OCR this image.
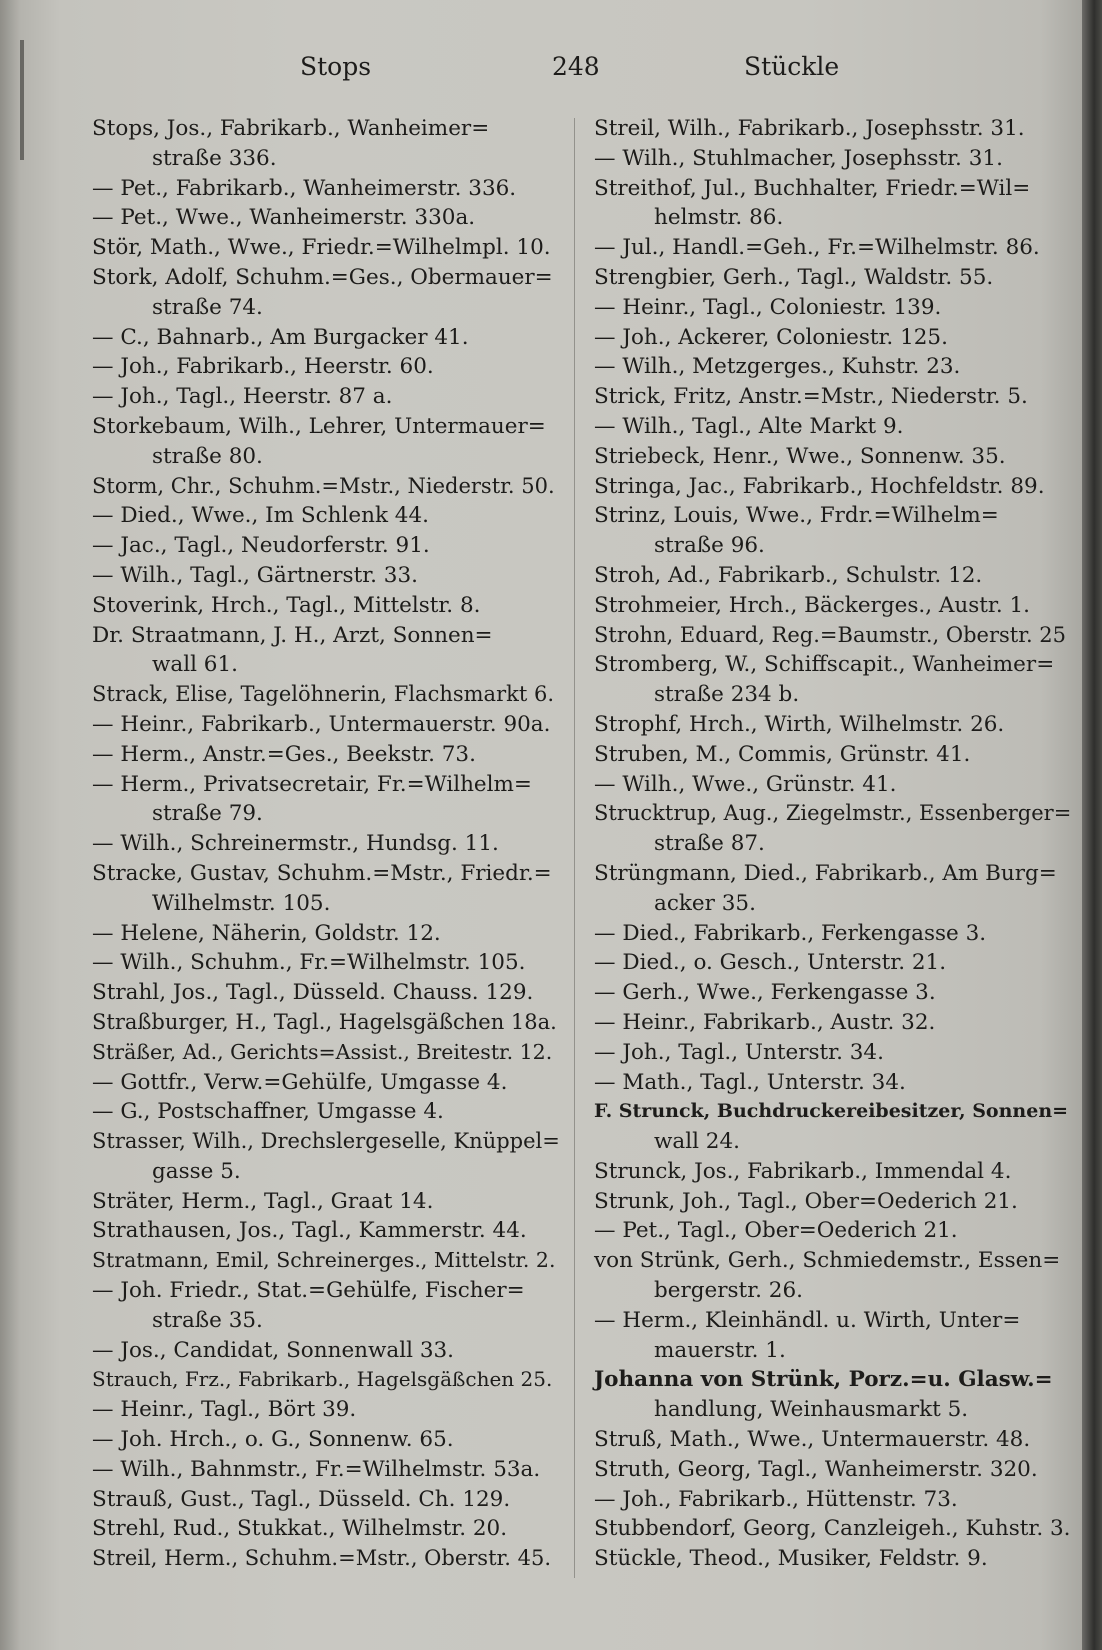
Stops	248	Stückle
Stops, Jos., Fabrikarb., Wanheimer=
straße 336.
— Pet., Fabrikarb., Wanheimerstr. 336.
— Pet., Wwe., Wanheimerstr. 330a.
Stör, Math., Wwe., Friedr.=Wilhelmpl. 10.
Stork, Adolf, Schuhm.=Ges., Obermauer=
straße 74.
— C., Bahnarb., Am Burgacker 41.
— Joh., Fabrikarb., Heerstr. 60.
— Joh., Tagl., Heerstr. 87 a.
Storkebaum, Wilh., Lehrer, Untermauer=
straße 80.
Storm, Chr., Schuhm.=Mstr., Niederstr. 50.
— Died., Wwe., Im Schlenk 44.
— Jac., Tagl., Neudorferstr. 91.
— Wilh., Tagl., Gärtnerstr. 33.
Stoverink, Hrch., Tagl., Mittelstr. 8.
Dr. Straatmann, J. H., Arzt, Sonnen=
wall 61.
Strack, Elise, Tagelöhnerin, Flachsmarkt 6.
— Heinr., Fabrikarb., Untermauerstr. 90a.
— Herm., Anstr.=Ges., Beekstr. 73.
— Herm., Privatsecretair, Fr.=Wilhelm=
straße 79.
— Wilh., Schreinermstr., Hundsg. 11.
Stracke, Gustav, Schuhm.=Mstr., Friedr.=
Wilhelmstr. 105.
— Helene, Näherin, Goldstr. 12.
— Wilh., Schuhm., Fr.=Wilhelmstr. 105.
Strahl, Jos., Tagl., Düsseld. Chauss. 129.
Straßburger, H., Tagl., Hagelsgäßchen 18a.
Sträßer, Ad., Gerichts=Assist., Breitestr. 12.
— Gottfr., Verw.=Gehülfe, Umgasse 4.
— G., Postschaffner, Umgasse 4.
Strasser, Wilh., Drechslergeselle, Knüppel=
gasse 5.
Sträter, Herm., Tagl., Graat 14.
Strathausen, Jos., Tagl., Kammerstr. 44.
Stratmann, Emil, Schreinerges., Mittelstr. 2.
— Joh. Friedr., Stat.=Gehülfe, Fischer=
straße 35.
— Jos., Candidat, Sonnenwall 33.
Strauch, Frz., Fabrikarb., Hagelsgäßchen 25.
— Heinr., Tagl., Bört 39.
— Joh. Hrch., o. G., Sonnenw. 65.
— Wilh., Bahnmstr., Fr.=Wilhelmstr. 53a.
Strauß, Gust., Tagl., Düsseld. Ch. 129.
Strehl, Rud., Stukkat., Wilhelmstr. 20.
Streil, Herm., Schuhm.=Mstr., Oberstr. 45.
Streil, Wilh., Fabrikarb., Josephsstr. 31.
— Wilh., Stuhlmacher, Josephsstr. 31.
Streithof, Jul., Buchhalter, Friedr.=Wil=
helmstr. 86.
— Jul., Handl.=Geh., Fr.=Wilhelmstr. 86.
Strengbier, Gerh., Tagl., Waldstr. 55.
— Heinr., Tagl., Coloniestr. 139.
— Joh., Ackerer, Coloniestr. 125.
— Wilh., Metzgerges., Kuhstr. 23.
Strick, Fritz, Anstr.=Mstr., Niederstr. 5.
— Wilh., Tagl., Alte Markt 9.
Striebeck, Henr., Wwe., Sonnenw. 35.
Stringa, Jac., Fabrikarb., Hochfeldstr. 89.
Strinz, Louis, Wwe., Frdr.=Wilhelm=
straße 96.
Stroh, Ad., Fabrikarb., Schulstr. 12.
Strohmeier, Hrch., Bäckerges., Austr. 1.
Strohn, Eduard, Reg.=Baumstr., Oberstr. 25
Stromberg, W., Schiffscapit., Wanheimer=
straße 234 b.
Strophf, Hrch., Wirth, Wilhelmstr. 26.
Struben, M., Commis, Grünstr. 41.
— Wilh., Wwe., Grünstr. 41.
Strucktrup, Aug., Ziegelmstr., Essenberger=
straße 87.
Strüngmann, Died., Fabrikarb., Am Burg=
acker 35.
— Died., Fabrikarb., Ferkengasse 3.
— Died., o. Gesch., Unterstr. 21.
— Gerh., Wwe., Ferkengasse 3.
— Heinr., Fabrikarb., Austr. 32.
— Joh., Tagl., Unterstr. 34.
— Math., Tagl., Unterstr. 34.
F. Strunck, Buchdruckereibesitzer, Sonnen=
wall 24.
Strunck, Jos., Fabrikarb., Immendal 4.
Strunk, Joh., Tagl., Ober=Oederich 21.
— Pet., Tagl., Ober=Oederich 21.
von Strünk, Gerh., Schmiedemstr., Essen=
bergerstr. 26.
— Herm., Kleinhändl. u. Wirth, Unter=
mauerstr. 1.
Johanna von Strünk, Porz.=u. Glasw.=
handlung, Weinhausmarkt 5.
Struß, Math., Wwe., Untermauerstr. 48.
Struth, Georg, Tagl., Wanheimerstr. 320.
— Joh., Fabrikarb., Hüttenstr. 73.
Stubbendorf, Georg, Canzleigeh., Kuhstr. 3.
Stückle, Theod., Musiker, Feldstr. 9.
